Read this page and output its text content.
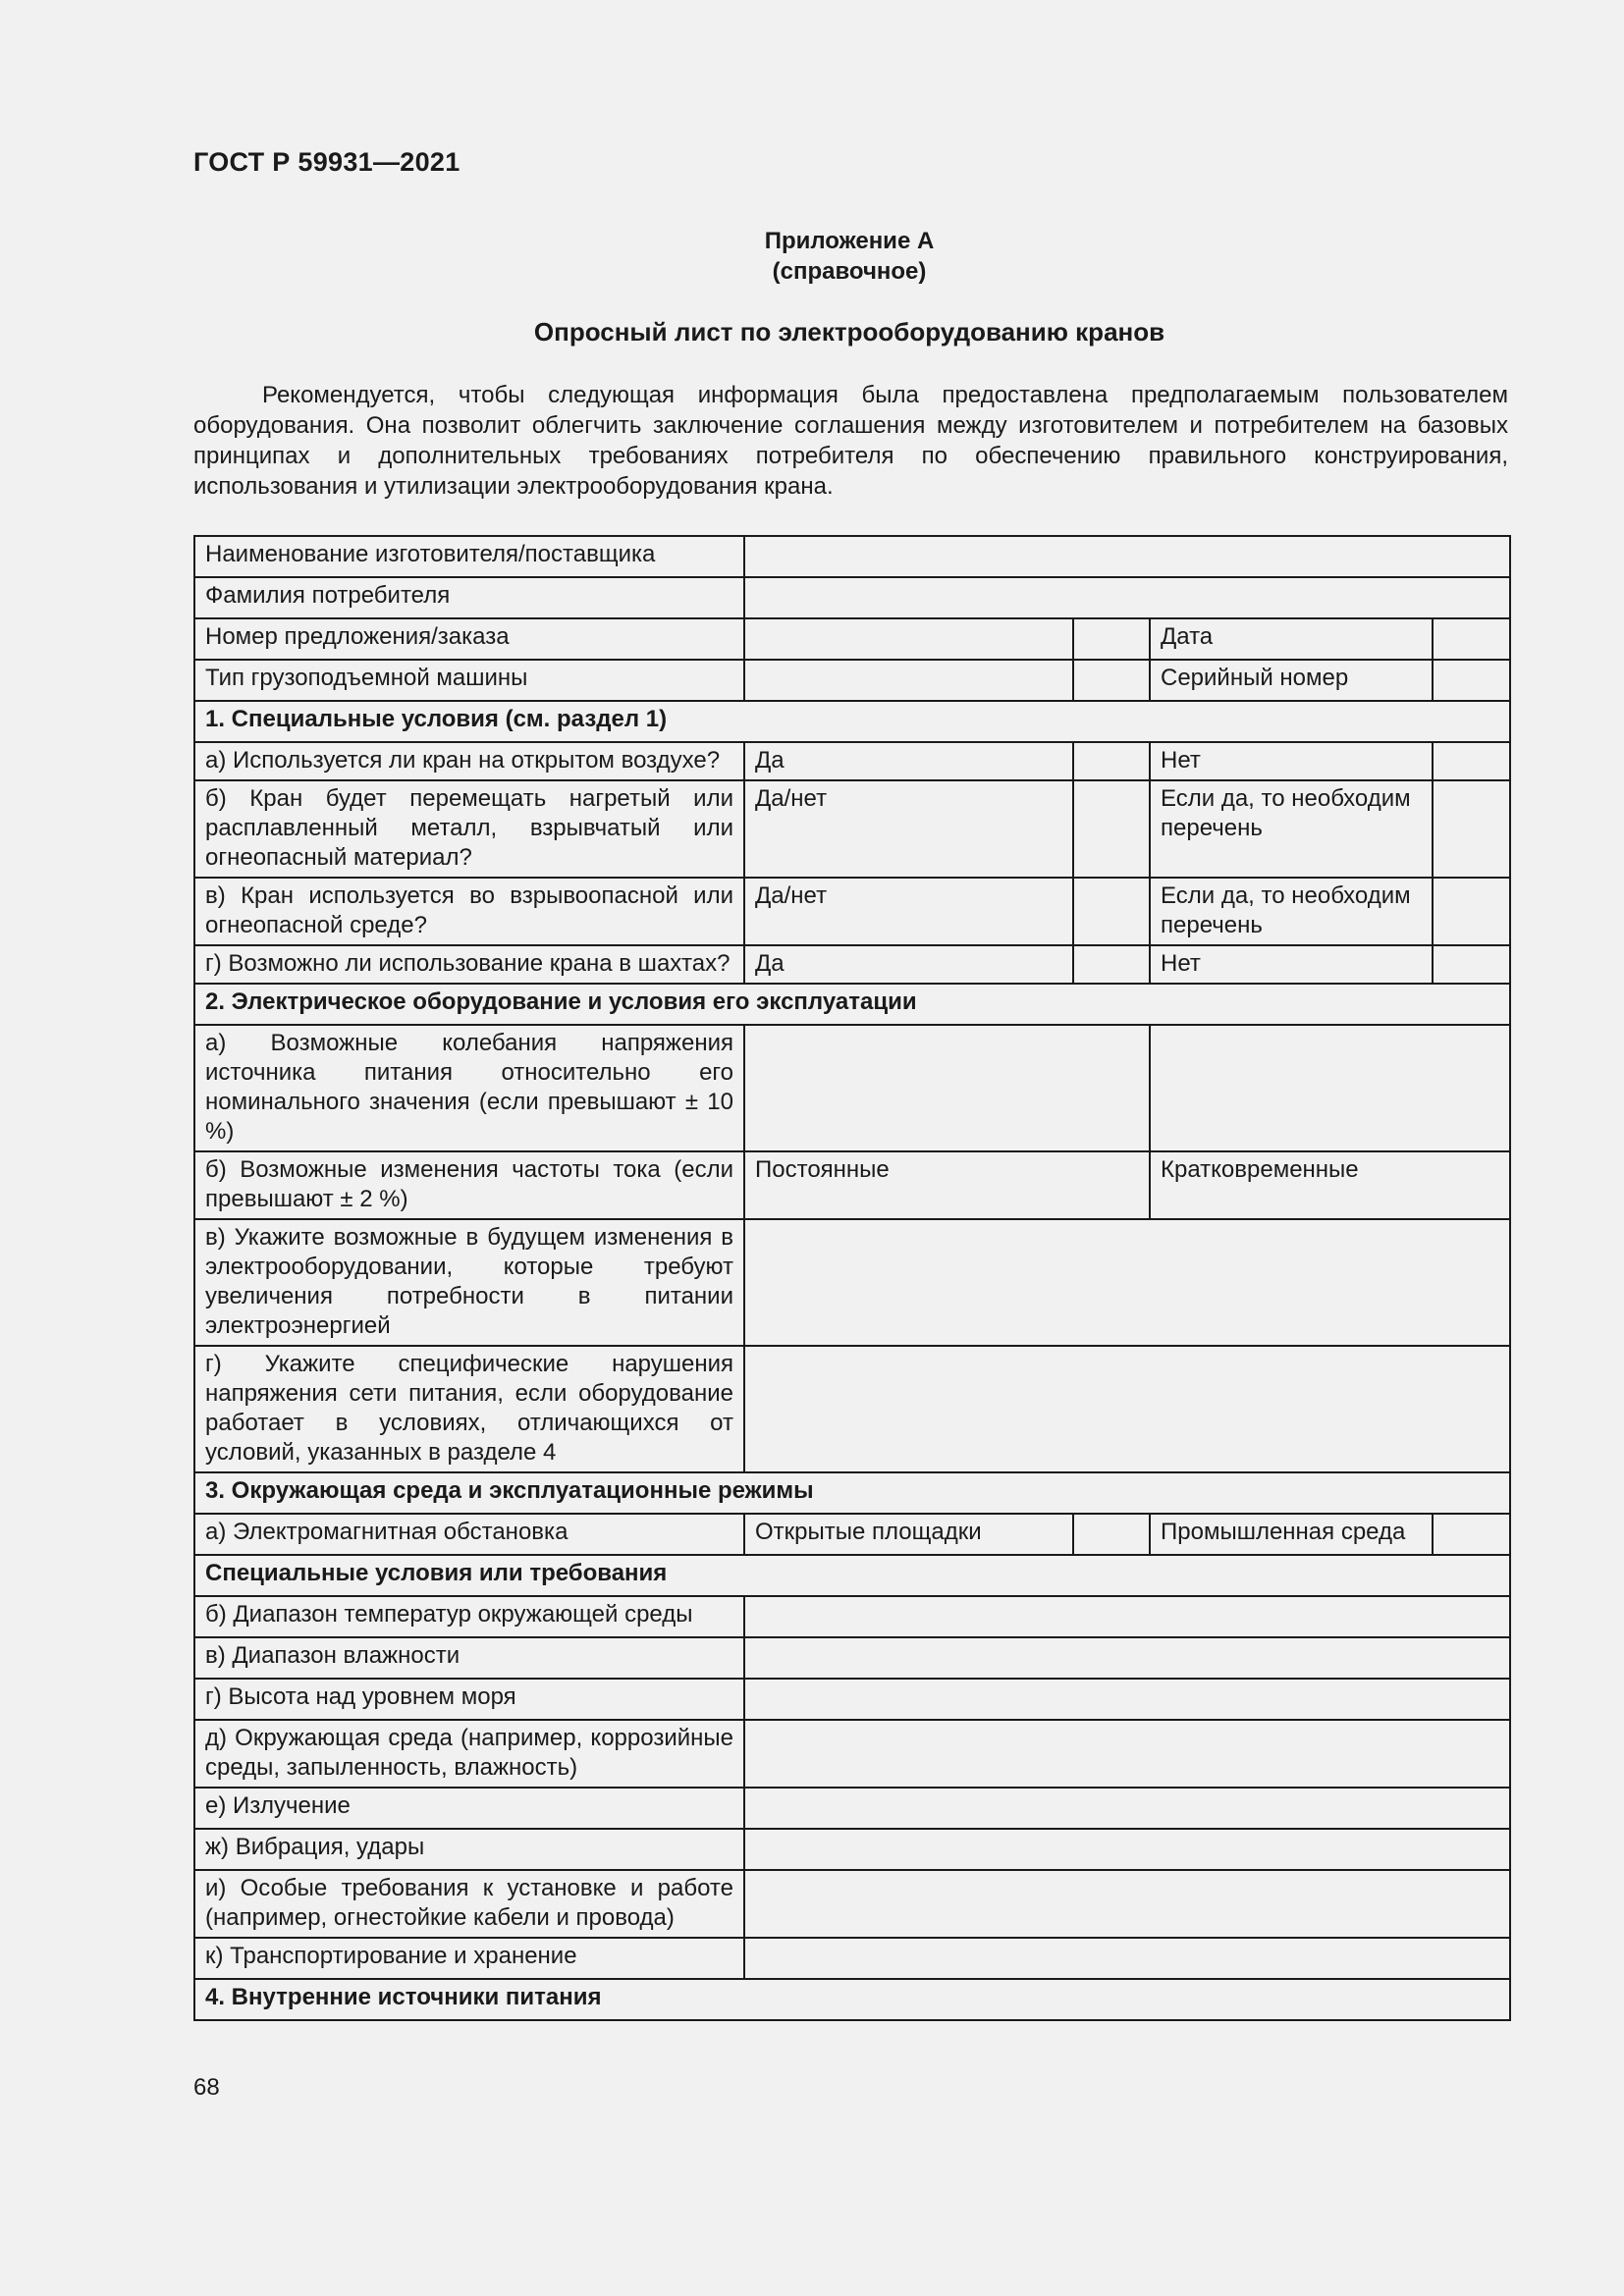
ГОСТ Р 59931—2021
Приложение А
(справочное)
Опросный лист по электрооборудованию кранов

Рекомендуется, чтобы следующая информация была предоставлена предполагаемым пользователем оборудования. Она позволит облегчить заключение соглашения между изготовителем и потребителем на базовых принципах и дополнительных требованиях потребителя по обеспечению правильного конструирования, использования и утилизации электрооборудования крана.

Наименование изготовителя/поставщика				
Фамилия потребителя				
Номер предложения/заказа			Дата	
Тип грузоподъемной машины			Серийный номер	
1. Специальные условия (см. раздел 1)				
а) Используется ли кран на открытом воздухе?	Да		Нет	
б) Кран будет перемещать нагретый или расплавленный металл, взрывчатый или огнеопасный материал?	Да/нет		Если да, то необходим перечень	
в) Кран используется во взрывоопасной или огнеопасной среде?	Да/нет		Если да, то необходим перечень	
г) Возможно ли использование крана в шахтах?	Да		Нет	
2. Электрическое оборудование и условия его эксплуатации				
а) Возможные колебания напряжения источника питания относительно его номинального значения (если превышают ± 10 %)				
б) Возможные изменения частоты тока (если превышают ± 2 %)	Постоянные		Кратковременные	
в) Укажите возможные в будущем изменения в электрооборудовании, которые требуют увеличения потребности в питании электроэнергией				
г) Укажите специфические нарушения напряжения сети питания, если оборудование работает в условиях, отличающихся от условий, указанных в разделе 4				
3. Окружающая среда и эксплуатационные режимы				
а) Электромагнитная обстановка	Открытые площадки		Промышленная среда	
Специальные условия или требования				
б) Диапазон температур окружающей среды				
в) Диапазон влажности				
г) Высота над уровнем моря				
д) Окружающая среда (например, коррозийные среды, запыленность, влажность)				
е) Излучение				
ж) Вибрация, удары				
и) Особые требования к установке и работе (например, огнестойкие кабели и провода)				
к) Транспортирование и хранение				
4. Внутренние источники питания				
68
